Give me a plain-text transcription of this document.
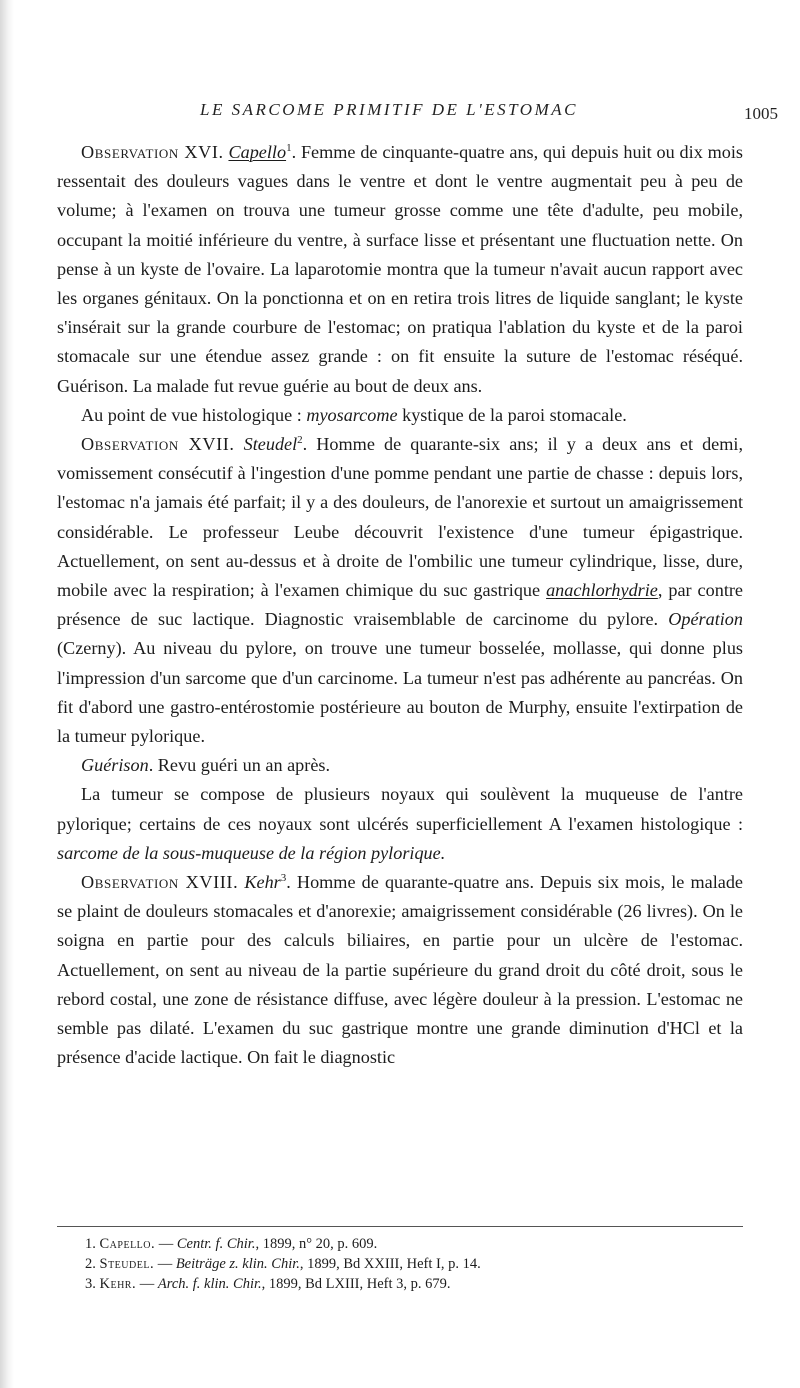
LE SARCOME PRIMITIF DE L'ESTOMAC	1005

Observation XVI. Capello$^1$. Femme de cinquante-quatre ans, qui depuis huit ou dix mois ressentait des douleurs vagues dans le ventre et dont le ventre augmentait peu à peu de volume; à l'examen on trouva une tumeur grosse comme une tête d'adulte, peu mobile, occupant la moitié inférieure du ventre, à surface lisse et présentant une fluctuation nette. On pense à un kyste de l'ovaire. La laparotomie montra que la tumeur n'avait aucun rapport avec les organes génitaux. On la ponctionna et on en retira trois litres de liquide sanglant; le kyste s'insérait sur la grande courbure de l'estomac; on pratiqua l'ablation du kyste et de la paroi stomacale sur une étendue assez grande : on fit ensuite la suture de l'estomac réséqué. Guérison. La malade fut revue guérie au bout de deux ans.

Au point de vue histologique : myosarcome kystique de la paroi stomacale.

Observation XVII. Steudel$^2$. Homme de quarante-six ans; il y a deux ans et demi, vomissement consécutif à l'ingestion d'une pomme pendant une partie de chasse : depuis lors, l'estomac n'a jamais été parfait; il y a des douleurs, de l'anorexie et surtout un amaigrissement considérable. Le professeur Leube découvrit l'existence d'une tumeur épigastrique. Actuellement, on sent au-dessus et à droite de l'ombilic une tumeur cylindrique, lisse, dure, mobile avec la respiration; à l'examen chimique du suc gastrique anachlorhydrie, par contre présence de suc lactique. Diagnostic vraisemblable de carcinome du pylore. Opération (Czerny). Au niveau du pylore, on trouve une tumeur bosselée, mollasse, qui donne plus l'impression d'un sarcome que d'un carcinome. La tumeur n'est pas adhérente au pancréas. On fit d'abord une gastro-entérostomie postérieure au bouton de Murphy, ensuite l'extirpation de la tumeur pylorique.

Guérison. Revu guéri un an après.

La tumeur se compose de plusieurs noyaux qui soulèvent la muqueuse de l'antre pylorique; certains de ces noyaux sont ulcérés superficiellement A l'examen histologique : sarcome de la sous-muqueuse de la région pylorique.

Observation XVIII. Kehr$^3$. Homme de quarante-quatre ans. Depuis six mois, le malade se plaint de douleurs stomacales et d'anorexie; amaigrissement considérable (26 livres). On le soigna en partie pour des calculs biliaires, en partie pour un ulcère de l'estomac. Actuellement, on sent au niveau de la partie supérieure du grand droit du côté droit, sous le rebord costal, une zone de résistance diffuse, avec légère douleur à la pression. L'estomac ne semble pas dilaté. L'examen du suc gastrique montre une grande diminution d'HCl et la présence d'acide lactique. On fait le diagnostic

1. Capello. — Centr. f. Chir., 1899, n° 20, p. 609.
2. Steudel. — Beiträge z. klin. Chir., 1899, Bd XXIII, Heft I, p. 14.
3. Kehr. — Arch. f. klin. Chir., 1899, Bd LXIII, Heft 3, p. 679.
